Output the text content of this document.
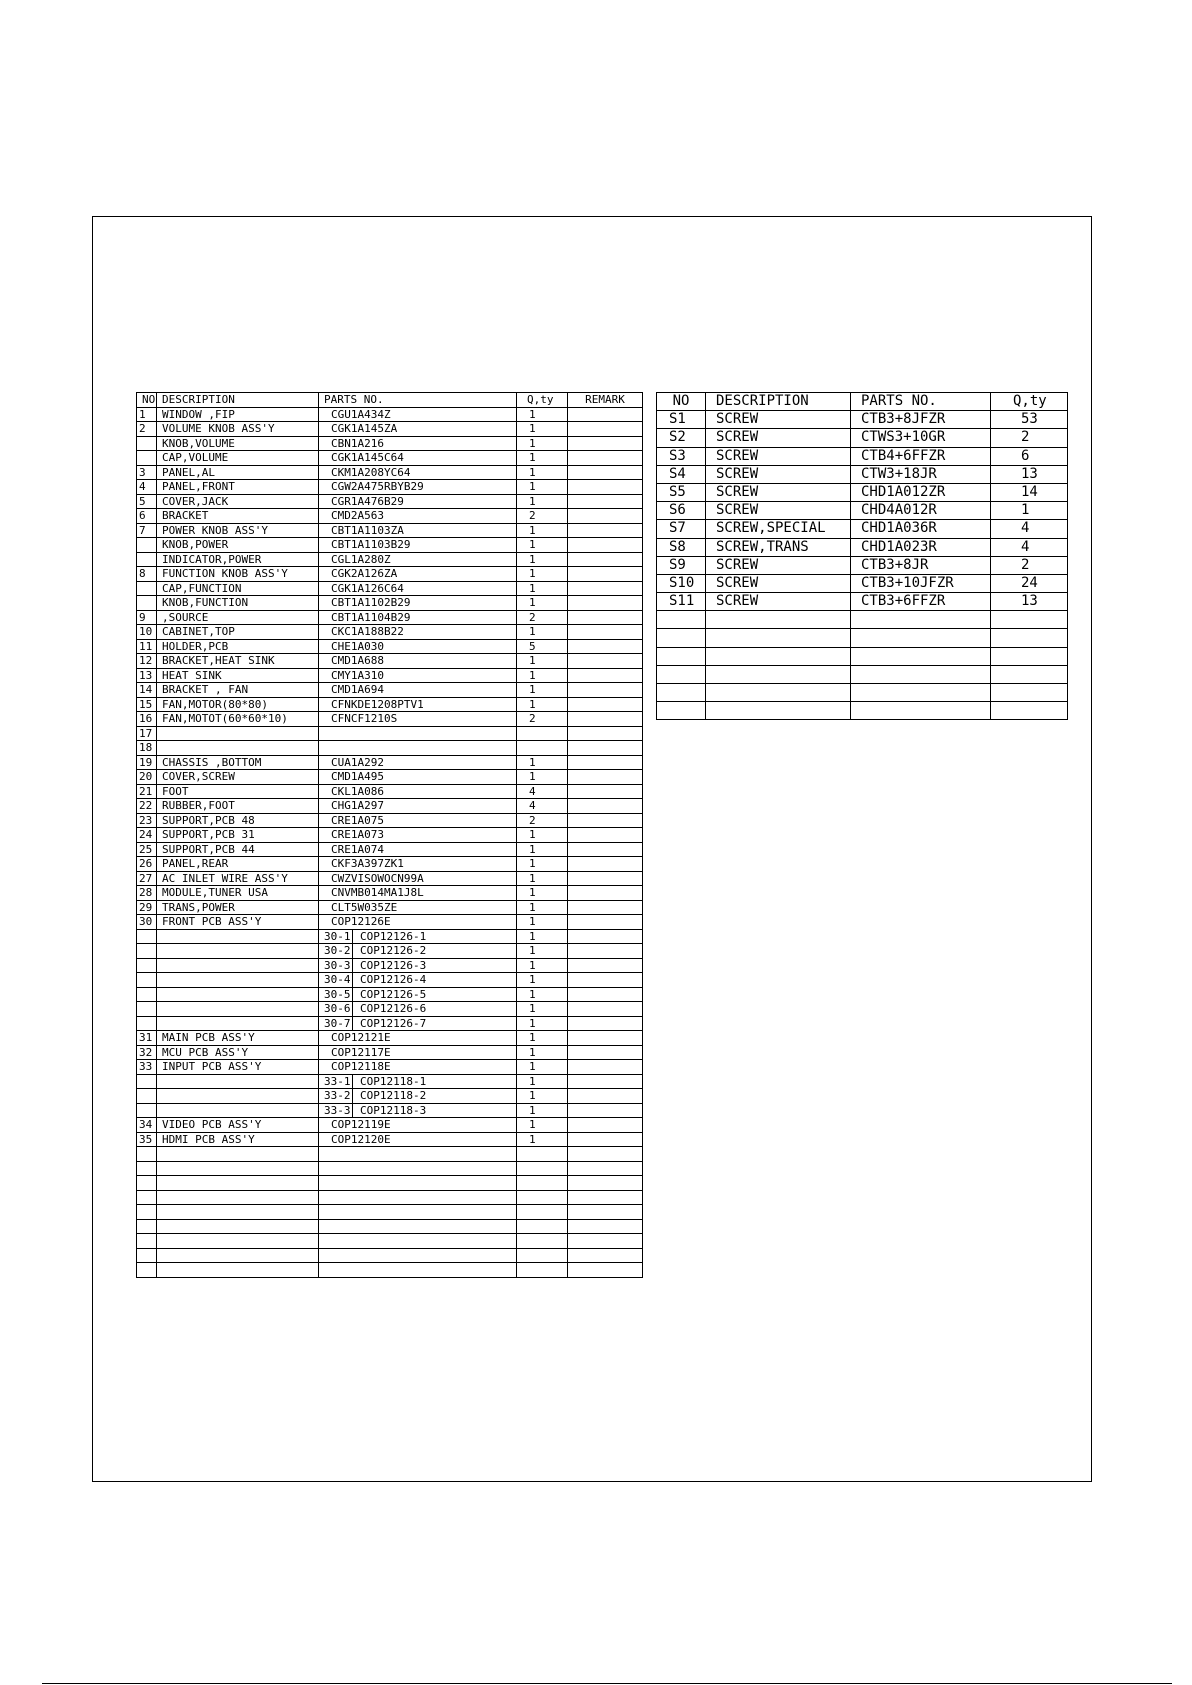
NO	DESCRIPTION	PARTS NO.	Q,ty	REMARK
1	WINDOW ,FIP	CGU1A434Z	1	
2	VOLUME KNOB ASS'Y	CGK1A145ZA	1	
	KNOB,VOLUME	CBN1A216	1	
	CAP,VOLUME	CGK1A145C64	1	
3	PANEL,AL	CKM1A208YC64	1	
4	PANEL,FRONT	CGW2A475RBYB29	1	
5	COVER,JACK	CGR1A476B29	1	
6	BRACKET	CMD2A563	2	
7	POWER KNOB ASS'Y	CBT1A1103ZA	1	
	KNOB,POWER	CBT1A1103B29	1	
	INDICATOR,POWER	CGL1A280Z	1	
8	FUNCTION KNOB ASS'Y	CGK2A126ZA	1	
	CAP,FUNCTION	CGK1A126C64	1	
	KNOB,FUNCTION	CBT1A1102B29	1	
9	,SOURCE	CBT1A1104B29	2	
10	CABINET,TOP	CKC1A188B22	1	
11	HOLDER,PCB	CHE1A030	5	
12	BRACKET,HEAT SINK	CMD1A688	1	
13	HEAT SINK	CMY1A310	1	
14	BRACKET , FAN	CMD1A694	1	
15	FAN,MOTOR(80*80)	CFNKDE1208PTV1	1	
16	FAN,MOTOT(60*60*10)	CFNCF1210S	2	
17				
18				
19	CHASSIS ,BOTTOM	CUA1A292	1	
20	COVER,SCREW	CMD1A495	1	
21	FOOT	CKL1A086	4	
22	RUBBER,FOOT	CHG1A297	4	
23	SUPPORT,PCB 48	CRE1A075	2	
24	SUPPORT,PCB 31	CRE1A073	1	
25	SUPPORT,PCB 44	CRE1A074	1	
26	PANEL,REAR	CKF3A397ZK1	1	
27	AC INLET WIRE ASS'Y	CWZVISOWOCN99A	1	
28	MODULE,TUNER USA	CNVMB014MA1J8L	1	
29	TRANS,POWER	CLT5W035ZE	1	
30	FRONT PCB ASS'Y	COP12126E	1	

		30-1 COP12126-1	1	

		30-2 COP12126-2	1	

		30-3 COP12126-3	1	

		30-4 COP12126-4	1	

		30-5 COP12126-5	1	

		30-6 COP12126-6	1	

		30-7 COP12126-7	1	
31	MAIN PCB ASS'Y	COP12121E	1	
32	MCU PCB ASS'Y	COP12117E	1	
33	INPUT PCB ASS'Y	COP12118E	1	

		33-1 COP12118-1	1	

		33-2 COP12118-2	1	

		33-3 COP12118-3	1	
34	VIDEO PCB ASS'Y	COP12119E	1	
35	HDMI PCB ASS'Y	COP12120E	1	

NO	DESCRIPTION	PARTS NO.	Q,ty
S1	SCREW	CTB3+8JFZR	53
S2	SCREW	CTWS3+10GR	2
S3	SCREW	CTB4+6FFZR	6
S4	SCREW	CTW3+18JR	13
S5	SCREW	CHD1A012ZR	14
S6	SCREW	CHD4A012R	1
S7	SCREW,SPECIAL	CHD1A036R	4
S8	SCREW,TRANS	CHD1A023R	4
S9	SCREW	CTB3+8JR	2
S10	SCREW	CTB3+10JFZR	24
S11	SCREW	CTB3+6FFZR	13
